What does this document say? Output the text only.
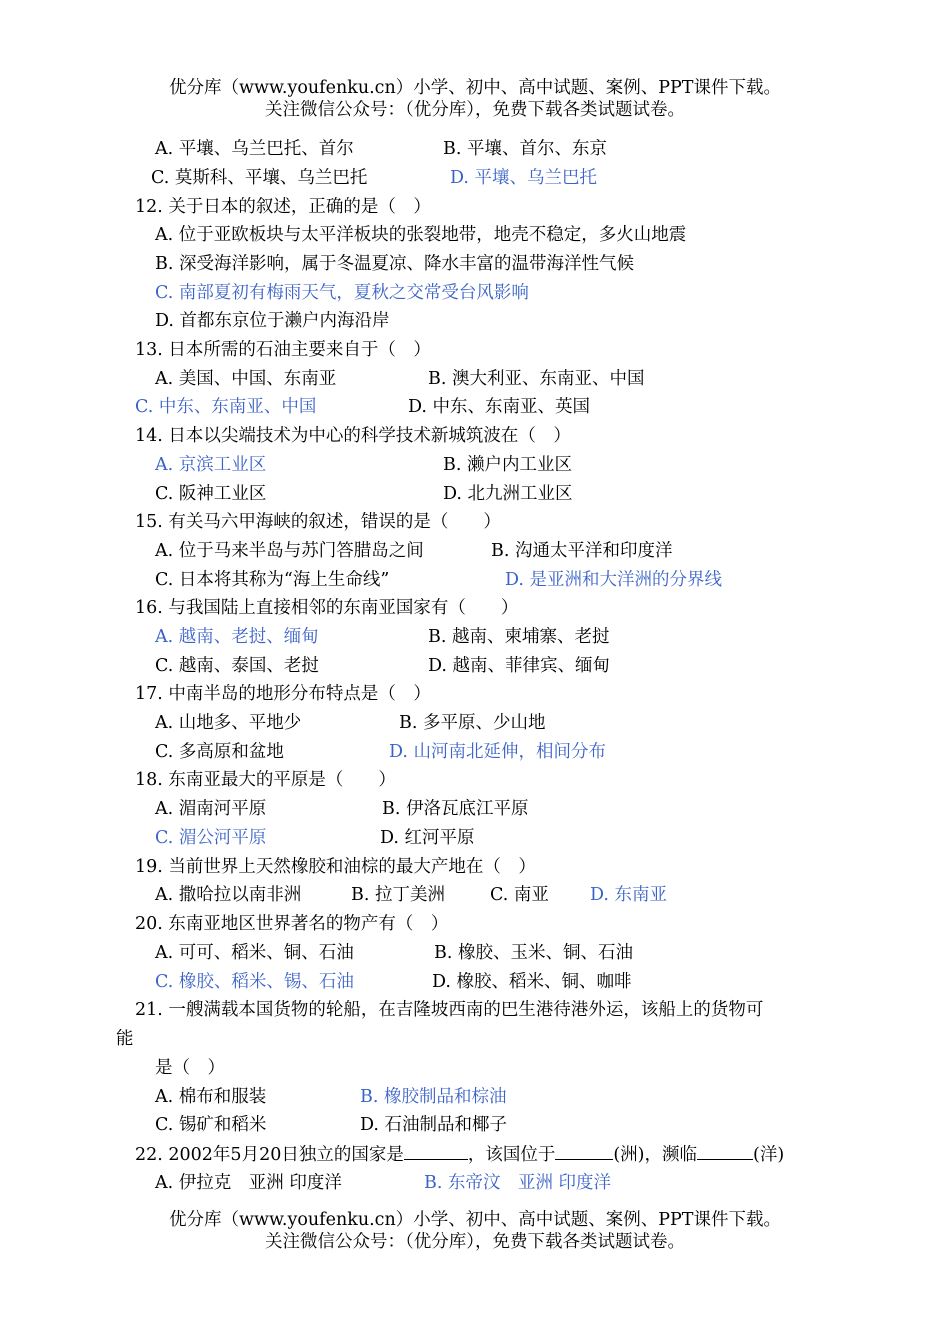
优分库（www.youfenku.cn）小学、初中、高中试题、案例、PPT课件下载。
关注微信公众号：（优分库），免费下载各类试题试卷。
A. 平壤、乌兰巴托、首尔	B. 平壤、首尔、东京
C. 莫斯科、平壤、乌兰巴托	D. 平壤、乌兰巴托
12. 关于日本的叙述，正确的是（　）
A. 位于亚欧板块与太平洋板块的张裂地带，地壳不稳定，多火山地震
B. 深受海洋影响，属于冬温夏凉、降水丰富的温带海洋性气候
C. 南部夏初有梅雨天气，夏秋之交常受台风影响
D. 首都东京位于濑户内海沿岸
13. 日本所需的石油主要来自于（　）
A. 美国、中国、东南亚	B. 澳大利亚、东南亚、中国
C. 中东、东南亚、中国	D. 中东、东南亚、英国
14. 日本以尖端技术为中心的科学技术新城筑波在（　）
A. 京滨工业区	B. 濑户内工业区
C. 阪神工业区	D. 北九洲工业区
15. 有关马六甲海峡的叙述，错误的是（　　）
A. 位于马来半岛与苏门答腊岛之间	B. 沟通太平洋和印度洋
C. 日本将其称为“海上生命线”	D. 是亚洲和大洋洲的分界线
16. 与我国陆上直接相邻的东南亚国家有（　　）
A. 越南、老挝、缅甸	B. 越南、柬埔寨、老挝
C. 越南、泰国、老挝	D. 越南、菲律宾、缅甸
17. 中南半岛的地形分布特点是（　）
A. 山地多、平地少	B. 多平原、少山地
C. 多高原和盆地	D. 山河南北延伸，相间分布
18. 东南亚最大的平原是（　　）
A. 湄南河平原	B. 伊洛瓦底江平原
C. 湄公河平原	D. 红河平原
19. 当前世界上天然橡胶和油棕的最大产地在（　）
A. 撒哈拉以南非洲	B. 拉丁美洲	C. 南亚 D. 东南亚
20. 东南亚地区世界著名的物产有（　）
A. 可可、稻米、铜、石油	B. 橡胶、玉米、铜、石油
C. 橡胶、稻米、锡、石油	D. 橡胶、稻米、铜、咖啡
21. 一艘满载本国货物的轮船，在吉隆坡西南的巴生港待港外运，该船上的货物可
能
是（　）
A. 棉布和服装	B. 橡胶制品和棕油
C. 锡矿和稻米	D. 石油制品和椰子
22. 2002年5月20日独立的国家是	，该国位于	(洲)，濒临	(洋)
A. 伊拉克　亚洲 印度洋	B. 东帝汶　亚洲 印度洋
优分库（www.youfenku.cn）小学、初中、高中试题、案例、PPT课件下载。
关注微信公众号：（优分库），免费下载各类试题试卷。
